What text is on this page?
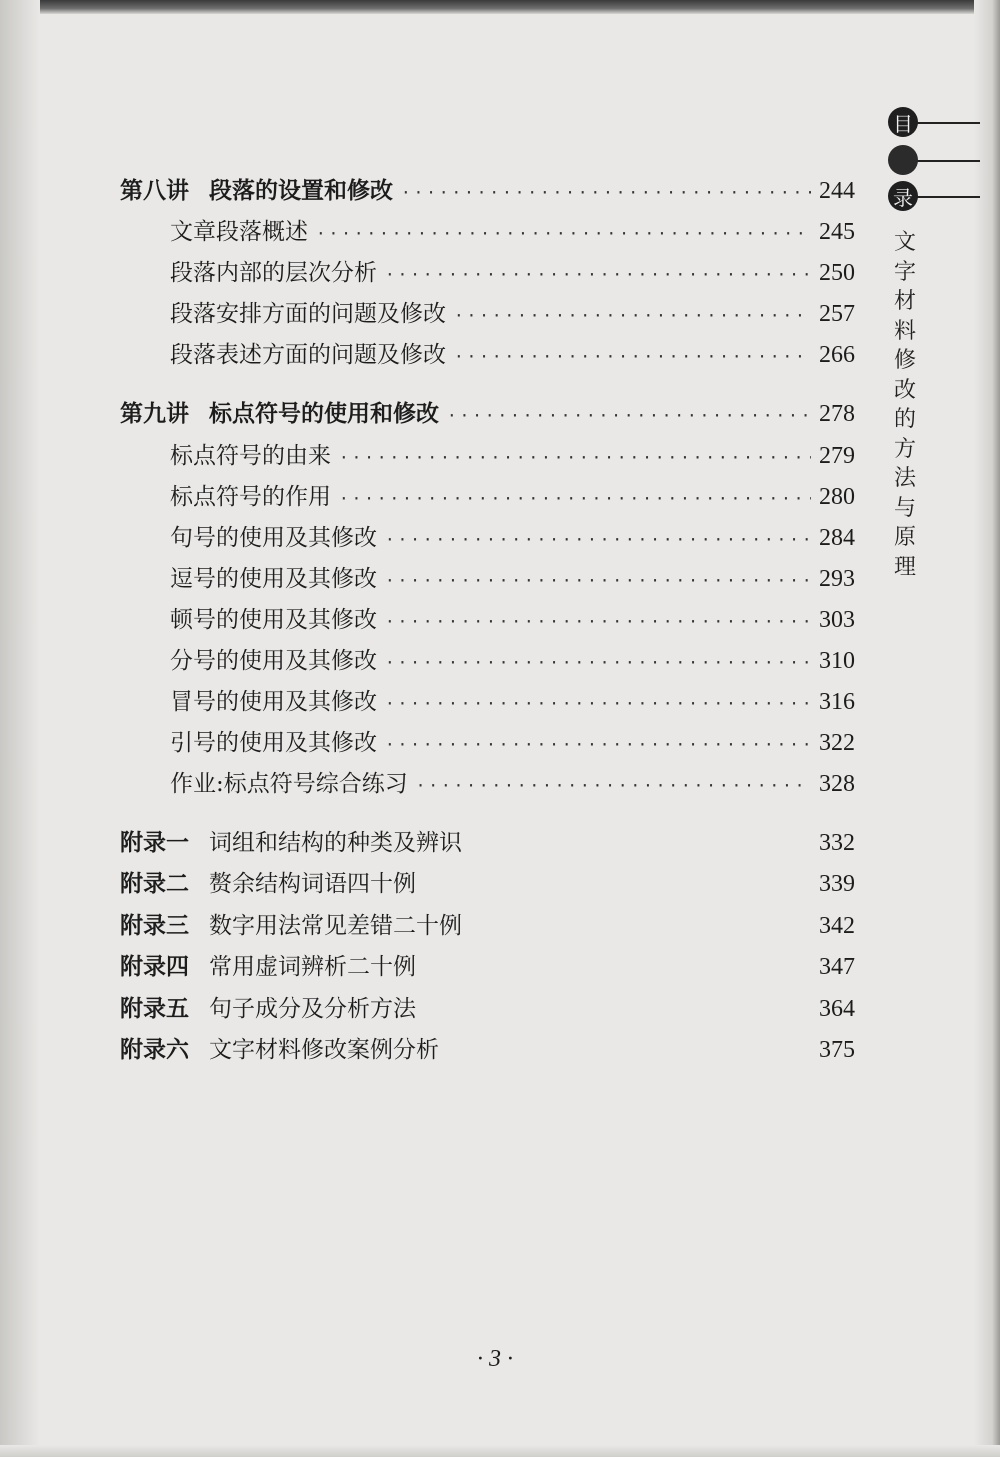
目
录
文字材料修改的方法与原理
第八讲 段落的设置和修改 ·····	244
文章段落概述 ·····	245
段落内部的层次分析 ·····	250
段落安排方面的问题及修改 ·····	257
段落表述方面的问题及修改 ·····	266
第九讲 标点符号的使用和修改 ·····	278
标点符号的由来 ·····	279
标点符号的作用 ·····	280
句号的使用及其修改 ·····	284
逗号的使用及其修改 ·····	293
顿号的使用及其修改 ·····	303
分号的使用及其修改 ·····	310
冒号的使用及其修改 ·····	316
引号的使用及其修改 ·····	322
作业:标点符号综合练习 ·····	328
附录一 词组和结构的种类及辨识	332
附录二 赘余结构词语四十例	339
附录三 数字用法常见差错二十例	342
附录四 常用虚词辨析二十例	347
附录五 句子成分及分析方法	364
附录六 文字材料修改案例分析	375
· 3 ·
